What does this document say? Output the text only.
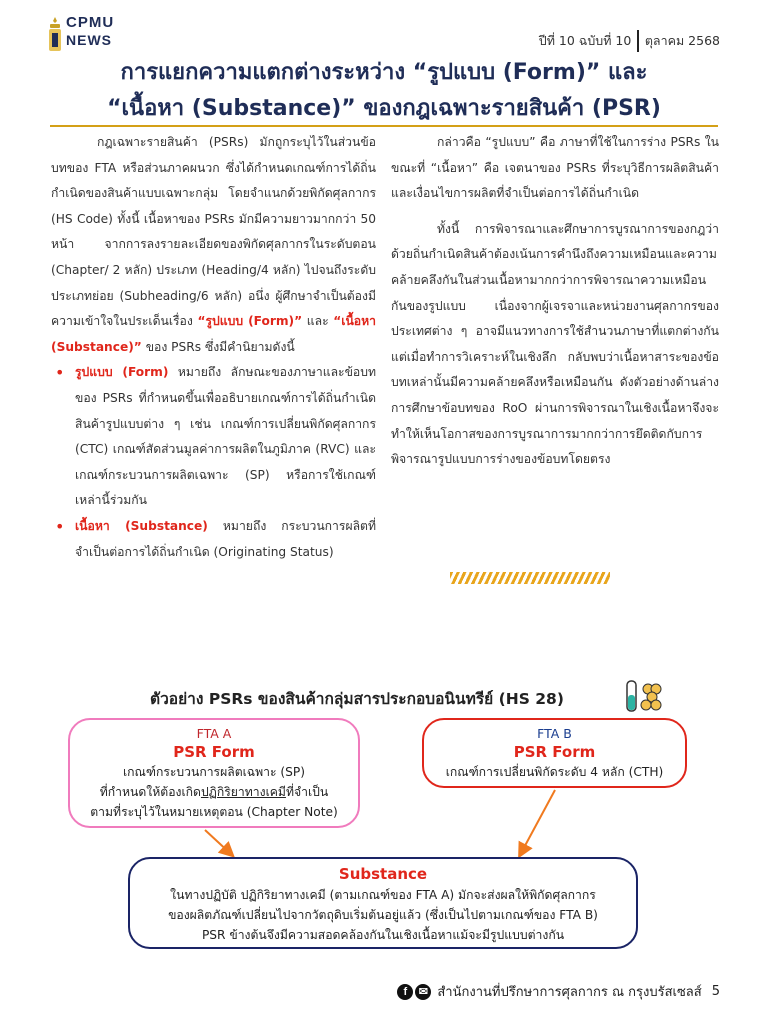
CPMU
NEWS	ปีที่ 10 ฉบับที่ 10 ตุลาคม 2568
การแยกความแตกต่างระหว่าง “รูปแบบ (Form)” และ
“เนื้อหา (Substance)” ของกฎเฉพาะรายสินค้า (PSR)

กฎเฉพาะรายสินค้า (PSRs) มักถูกระบุไว้ในส่วนข้อบทของ FTA หรือส่วนภาคผนวก ซึ่งได้กำหนดเกณฑ์การได้ถิ่นกำเนิดของสินค้าแบบเฉพาะกลุ่ม โดยจำแนกด้วยพิกัดศุลกากร (HS Code) ทั้งนี้ เนื้อหาของ PSRs มักมีความยาวมากกว่า 50 หน้า จากการลงรายละเอียดของพิกัดศุลกากรในระดับตอน (Chapter/ 2 หลัก) ประเภท (Heading/4 หลัก) ไปจนถึงระดับประเภทย่อย (Subheading/6 หลัก) อนึ่ง ผู้ศึกษาจำเป็นต้องมีความเข้าใจในประเด็นเรื่อง “รูปแบบ (Form)” และ “เนื้อหา (Substance)” ของ PSRs ซึ่งมีคำนิยามดังนี้

• รูปแบบ (Form) หมายถึง ลักษณะของภาษาและข้อบทของ PSRs ที่กำหนดขึ้นเพื่ออธิบายเกณฑ์การได้ถิ่นกำเนิดสินค้ารูปแบบต่าง ๆ เช่น เกณฑ์การเปลี่ยนพิกัดศุลกากร (CTC) เกณฑ์สัดส่วนมูลค่าการผลิตในภูมิภาค (RVC) และเกณฑ์กระบวนการผลิตเฉพาะ (SP) หรือการใช้เกณฑ์เหล่านี้ร่วมกัน
• เนื้อหา (Substance) หมายถึง กระบวนการผลิตที่จำเป็นต่อการได้ถิ่นกำเนิด (Originating Status)

กล่าวคือ “รูปแบบ” คือ ภาษาที่ใช้ในการร่าง PSRs ในขณะที่ “เนื้อหา” คือ เจตนาของ PSRs ที่ระบุวิธีการผลิตสินค้าและเงื่อนไขการผลิตที่จำเป็นต่อการได้ถิ่นกำเนิด

ทั้งนี้ การพิจารณาและศึกษาการบูรณาการของกฎว่าด้วยถิ่นกำเนิดสินค้าต้องเน้นการคำนึงถึงความเหมือนและความคล้ายคลึงกันในส่วนเนื้อหามากกว่าการพิจารณาความเหมือนกันของรูปแบบ เนื่องจากผู้เจรจาและหน่วยงานศุลกากรของประเทศต่าง ๆ อาจมีแนวทางการใช้สำนวนภาษาที่แตกต่างกัน แต่เมื่อทำการวิเคราะห์ในเชิงลึก กลับพบว่าเนื้อหาสาระของข้อบทเหล่านั้นมีความคล้ายคลึงหรือเหมือนกัน ดังตัวอย่างด้านล่าง การศึกษาข้อบทของ RoO ผ่านการพิจารณาในเชิงเนื้อหาจึงจะทำให้เห็นโอกาสของการบูรณาการมากกว่าการยึดติดกับการพิจารณารูปแบบการร่างของข้อบทโดยตรง

ตัวอย่าง PSRs ของสินค้ากลุ่มสารประกอบอนินทรีย์ (HS 28)
FTA A
PSR Form
เกณฑ์กระบวนการผลิตเฉพาะ (SP)
ที่กำหนดให้ต้องเกิดปฏิกิริยาทางเคมีที่จำเป็น
ตามที่ระบุไว้ในหมายเหตุตอน (Chapter Note)
FTA B
PSR Form
เกณฑ์การเปลี่ยนพิกัดระดับ 4 หลัก (CTH)
Substance
ในทางปฏิบัติ ปฏิกิริยาทางเคมี (ตามเกณฑ์ของ FTA A) มักจะส่งผลให้พิกัดศุลกากร
ของผลิตภัณฑ์เปลี่ยนไปจากวัตถุดิบเริ่มต้นอยู่แล้ว (ซึ่งเป็นไปตามเกณฑ์ของ FTA B)
PSR ข้างต้นจึงมีความสอดคล้องกันในเชิงเนื้อหาแม้จะมีรูปแบบต่างกัน
f	✉ สำนักงานที่ปรึกษาการศุลกากร ณ กรุงบรัสเซลส์ 5
